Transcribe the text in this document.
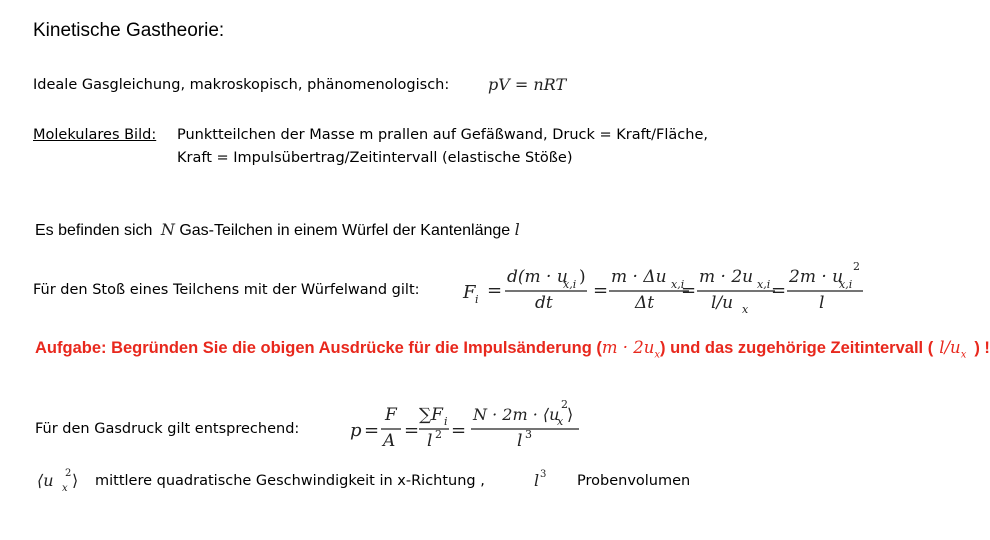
Kinetische Gastheorie:
Ideale Gasgleichung, makroskopisch, phänomenologisch: pV = nRT
Molekulares Bild: Punktteilchen der Masse m prallen auf Gefäßwand, Druck = Kraft/Fläche,
Kraft = Impulsübertrag/Zeitintervall (elastische Stöße)
Es befinden sich N Gas-Teilchen in einem Würfel der Kantenlänge l
Für den Stoß eines Teilchens mit der Würfelwand gilt: F i =
d(m · u
x,i )
dt
=
m · Δu x,i
Δt
=
m · 2u x,i
l/u x
=
2m · u
x,i
2
l
Aufgabe: Begründen Sie die obigen Ausdrücke für die Impulsänderung $(m \cdot 2u_x)$ und das zugehörige Zeitintervall ( $l/u_x$ ) !
Für den Gasdruck gilt entsprechend:	p =
F
A =
∑F i
l 2 =
N · 2m · ⟨u
x
2
⟩
l 3
⟨u x
2 ⟩ mittlere quadratische Geschwindigkeit in x-Richtung ,	l 3 Probenvolumen
